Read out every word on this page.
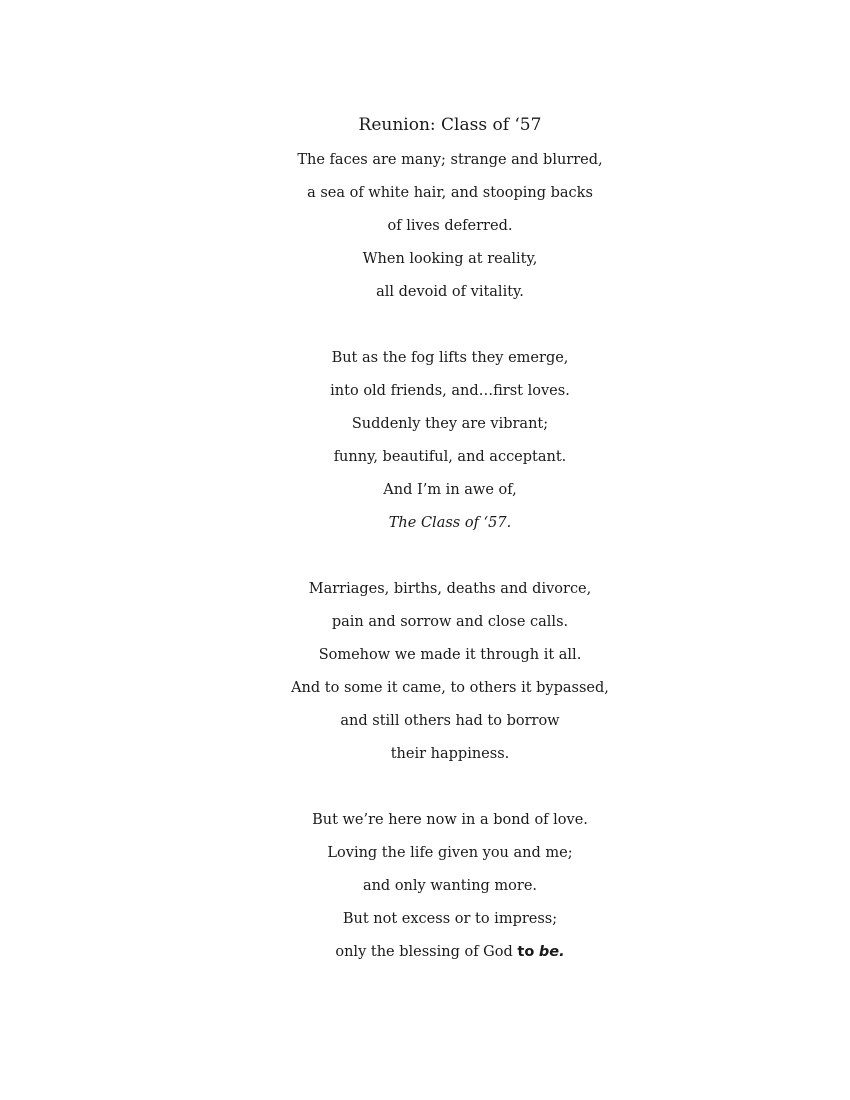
Reunion: Class of ‘57
The faces are many; strange and blurred,
a sea of white hair, and stooping backs
of lives deferred.
When looking at reality,
all devoid of vitality.
But as the fog lifts they emerge,
into old friends, and…first loves.
Suddenly they are vibrant;
funny, beautiful, and acceptant.
And I’m in awe of,
The Class of ‘57.
Marriages, births, deaths and divorce,
pain and sorrow and close calls.
Somehow we made it through it all.
And to some it came, to others it bypassed,
and still others had to borrow
their happiness.
But we’re here now in a bond of love.
Loving the life given you and me;
and only wanting more.
But not excess or to impress;
only the blessing of God to be.
